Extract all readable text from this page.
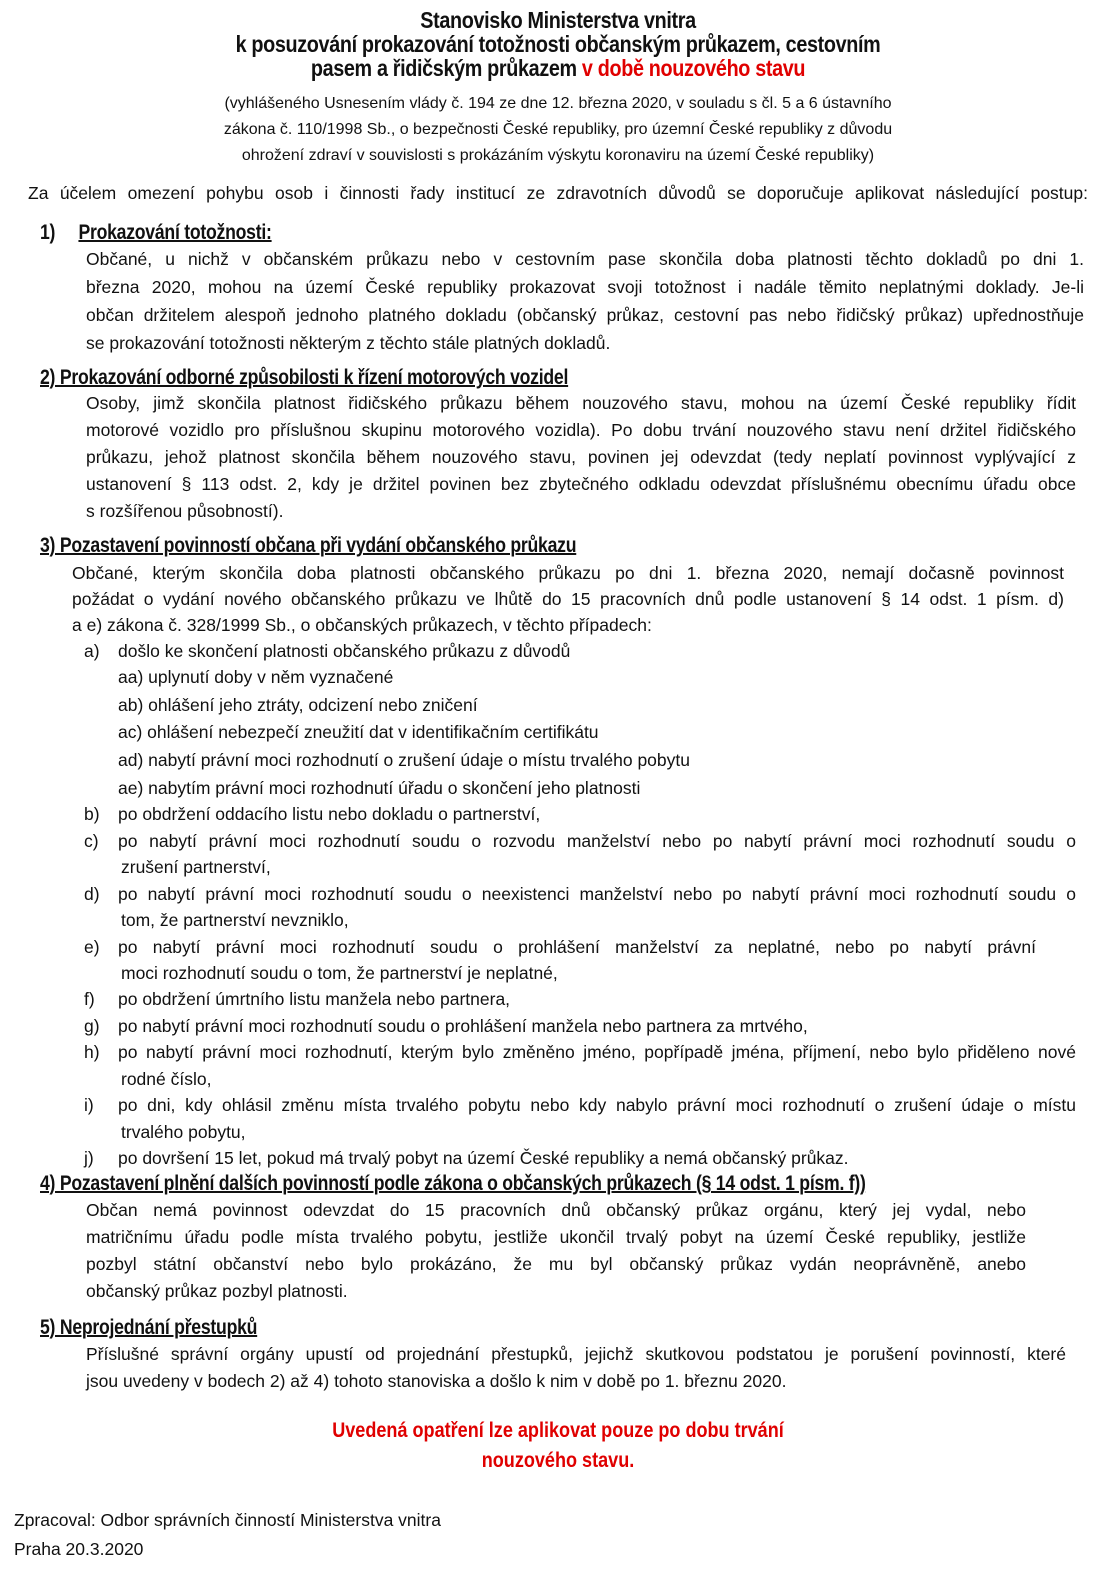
Stanovisko Ministerstva vnitra
k posuzování prokazování totožnosti občanským průkazem, cestovním
pasem a řidičským průkazem v době nouzového stavu
(vyhlášeného Usnesením vlády č. 194 ze dne 12. března 2020, v souladu s čl. 5 a 6 ústavního
zákona č. 110/1998 Sb., o bezpečnosti České republiky, pro územní České republiky z důvodu
ohrožení zdraví v souvislosti s prokázáním výskytu koronaviru na území České republiky)
Za účelem omezení pohybu osob i činnosti řady institucí ze zdravotních důvodů se doporučuje aplikovat následující postup:
1) Prokazování totožnosti:
Občané, u nichž v občanském průkazu nebo v cestovním pase skončila doba platnosti těchto dokladů po dni 1.
března 2020, mohou na území České republiky prokazovat svoji totožnost i nadále těmito neplatnými doklady. Je-li
občan držitelem alespoň jednoho platného dokladu (občanský průkaz, cestovní pas nebo řidičský průkaz) upřednostňuje
se prokazování totožnosti některým z těchto stále platných dokladů.
2) Prokazování odborné způsobilosti k řízení motorových vozidel
Osoby, jimž skončila platnost řidičského průkazu během nouzového stavu, mohou na území České republiky řídit
motorové vozidlo pro příslušnou skupinu motorového vozidla). Po dobu trvání nouzového stavu není držitel řidičského
průkazu, jehož platnost skončila během nouzového stavu, povinen jej odevzdat (tedy neplatí povinnost vyplývající z
ustanovení § 113 odst. 2, kdy je držitel povinen bez zbytečného odkladu odevzdat příslušnému obecnímu úřadu obce
s rozšířenou působností).
3) Pozastavení povinností občana při vydání občanského průkazu
Občané, kterým skončila doba platnosti občanského průkazu po dni 1. března 2020, nemají dočasně povinnost
požádat o vydání nového občanského průkazu ve lhůtě do 15 pracovních dnů podle ustanovení § 14 odst. 1 písm. d)
a e) zákona č. 328/1999 Sb., o občanských průkazech, v těchto případech:
a) došlo ke skončení platnosti občanského průkazu z důvodů
aa) uplynutí doby v něm vyznačené
ab) ohlášení jeho ztráty, odcizení nebo zničení
ac) ohlášení nebezpečí zneužití dat v identifikačním certifikátu
ad) nabytí právní moci rozhodnutí o zrušení údaje o místu trvalého pobytu
ae) nabytím právní moci rozhodnutí úřadu o skončení jeho platnosti
b) po obdržení oddacího listu nebo dokladu o partnerství,
c) po nabytí právní moci rozhodnutí soudu o rozvodu manželství nebo po nabytí právní moci rozhodnutí soudu o
zrušení partnerství,
d) po nabytí právní moci rozhodnutí soudu o neexistenci manželství nebo po nabytí právní moci rozhodnutí soudu o
tom, že partnerství nevzniklo,
e) po nabytí právní moci rozhodnutí soudu o prohlášení manželství za neplatné, nebo po nabytí právní
moci rozhodnutí soudu o tom, že partnerství je neplatné,
f) po obdržení úmrtního listu manžela nebo partnera,
g) po nabytí právní moci rozhodnutí soudu o prohlášení manžela nebo partnera za mrtvého,
h) po nabytí právní moci rozhodnutí, kterým bylo změněno jméno, popřípadě jména, příjmení, nebo bylo přiděleno nové
rodné číslo,
i) po dni, kdy ohlásil změnu místa trvalého pobytu nebo kdy nabylo právní moci rozhodnutí o zrušení údaje o místu
trvalého pobytu,
j) po dovršení 15 let, pokud má trvalý pobyt na území České republiky a nemá občanský průkaz.
4) Pozastavení plnění dalších povinností podle zákona o občanských průkazech (§ 14 odst. 1 písm. f))
Občan nemá povinnost odevzdat do 15 pracovních dnů občanský průkaz orgánu, který jej vydal, nebo
matričnímu úřadu podle místa trvalého pobytu, jestliže ukončil trvalý pobyt na území České republiky, jestliže
pozbyl státní občanství nebo bylo prokázáno, že mu byl občanský průkaz vydán neoprávněně, anebo
občanský průkaz pozbyl platnosti.
5) Neprojednání přestupků
Příslušné správní orgány upustí od projednání přestupků, jejichž skutkovou podstatou je porušení povinností, které
jsou uvedeny v bodech 2) až 4) tohoto stanoviska a došlo k nim v době po 1. březnu 2020.
Uvedená opatření lze aplikovat pouze po dobu trvání
nouzového stavu.
Zpracoval: Odbor správních činností Ministerstva vnitra
Praha 20.3.2020
